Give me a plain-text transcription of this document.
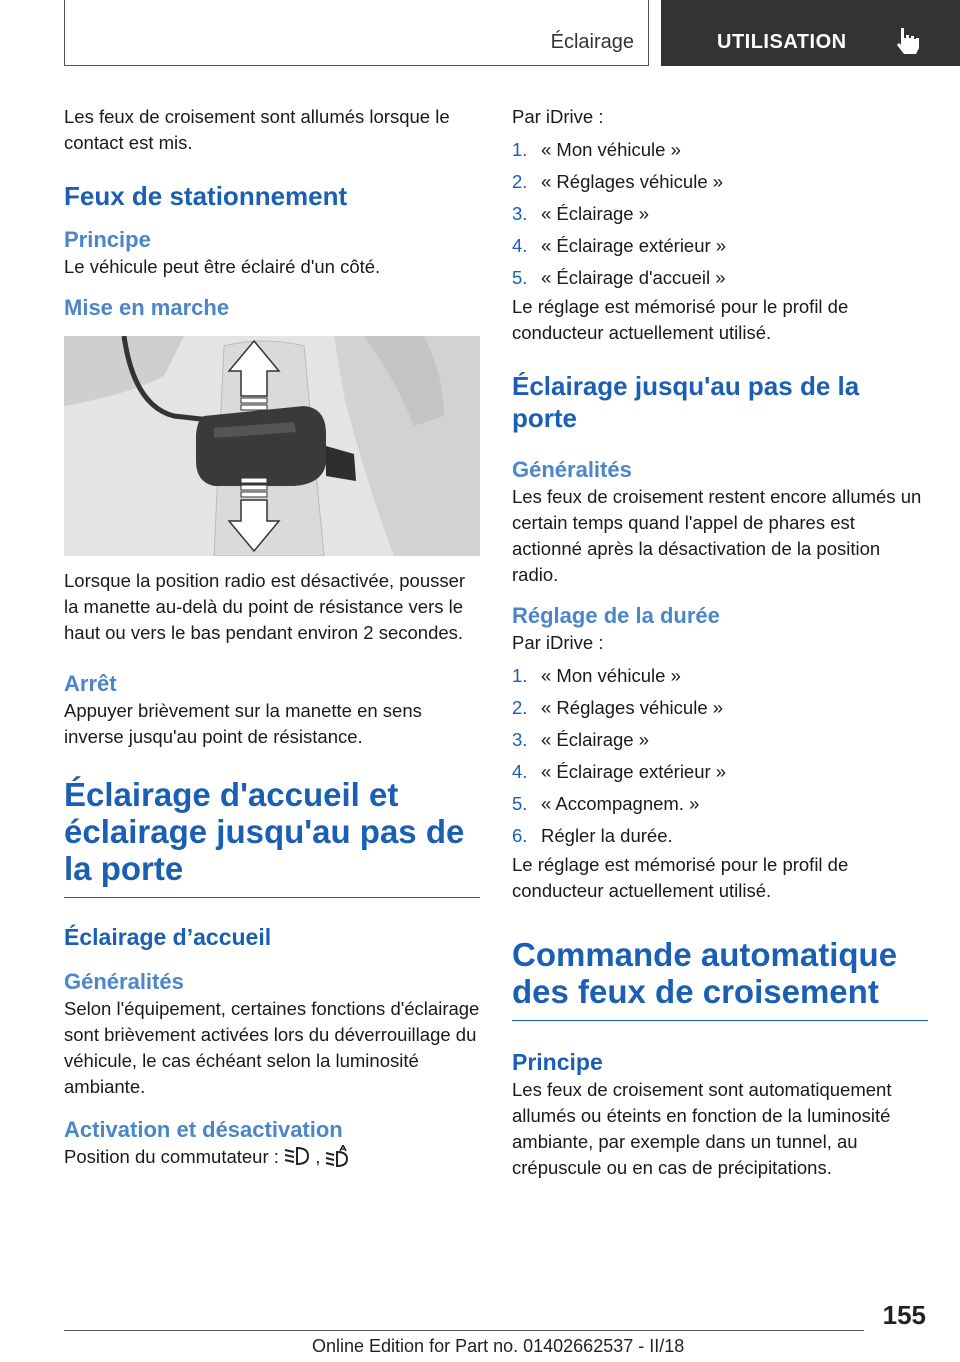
Éclairage	UTILISATION

Les feux de croisement sont allumés lorsque le contact est mis.

Feux de stationnement
Principe

Le véhicule peut être éclairé d'un côté.

Mise en marche

Lorsque la position radio est désactivée, pousser la manette au-delà du point de résistance vers le haut ou vers le bas pendant environ 2 secondes.

Arrêt

Appuyer brièvement sur la manette en sens inverse jusqu'au point de résistance.

Éclairage d'accueil et éclairage jusqu'au pas de la porte
Éclairage d’accueil
Généralités

Selon l'équipement, certaines fonctions d'éclairage sont brièvement activées lors du déverrouillage du véhicule, le cas échéant selon la luminosité ambiante.

Activation et désactivation

Position du commutateur : ,

Par iDrive :

1. « Mon véhicule »
2. « Réglages véhicule »
3. « Éclairage »
4. « Éclairage extérieur »
5. « Éclairage d'accueil »

Le réglage est mémorisé pour le profil de conducteur actuellement utilisé.

Éclairage jusqu'au pas de la porte
Généralités

Les feux de croisement restent encore allumés un certain temps quand l'appel de phares est actionné après la désactivation de la position radio.

Réglage de la durée

Par iDrive :

1. « Mon véhicule »
2. « Réglages véhicule »
3. « Éclairage »
4. « Éclairage extérieur »
5. « Accompagnem. »
6. Régler la durée.

Le réglage est mémorisé pour le profil de conducteur actuellement utilisé.

Commande automatique des feux de croisement
Principe

Les feux de croisement sont automatiquement allumés ou éteints en fonction de la luminosité ambiante, par exemple dans un tunnel, au crépuscule ou en cas de précipitations.

155
Online Edition for Part no. 01402662537 - II/18
